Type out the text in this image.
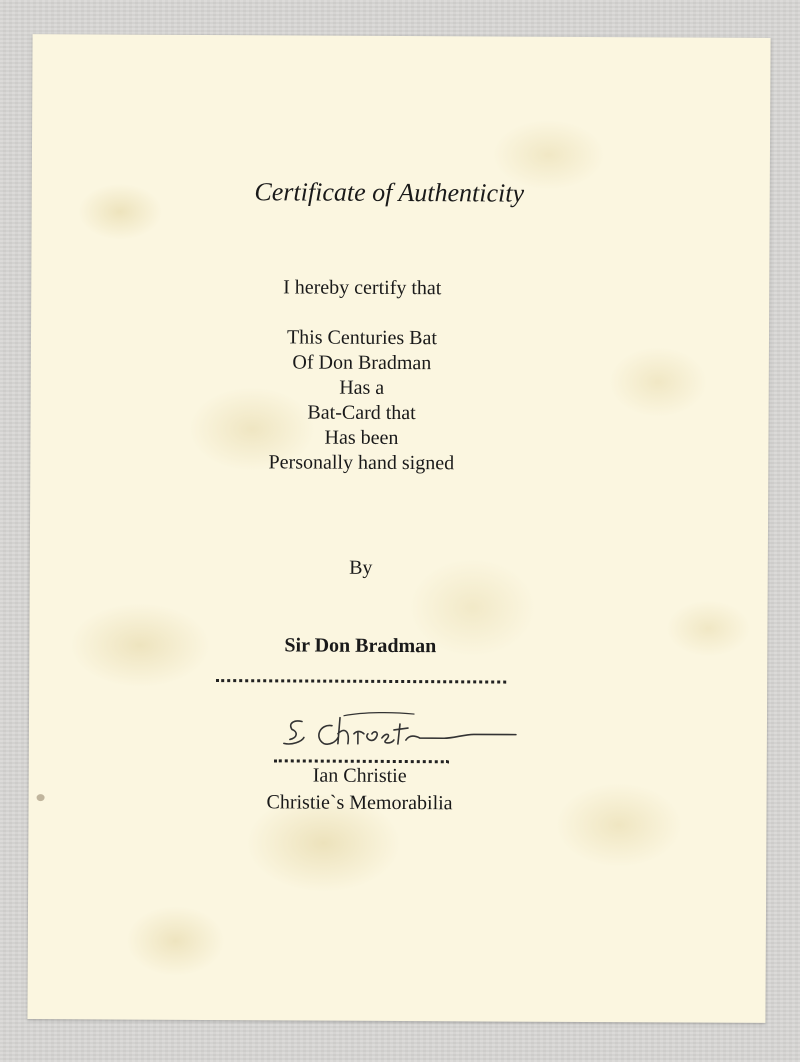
Certificate of Authenticity
I hereby certify that
This Centuries Bat
Of Don Bradman
Has a
Bat-Card that
Has been
Personally hand signed
By
Sir Don Bradman
Ian Christie
Christie`s Memorabilia
